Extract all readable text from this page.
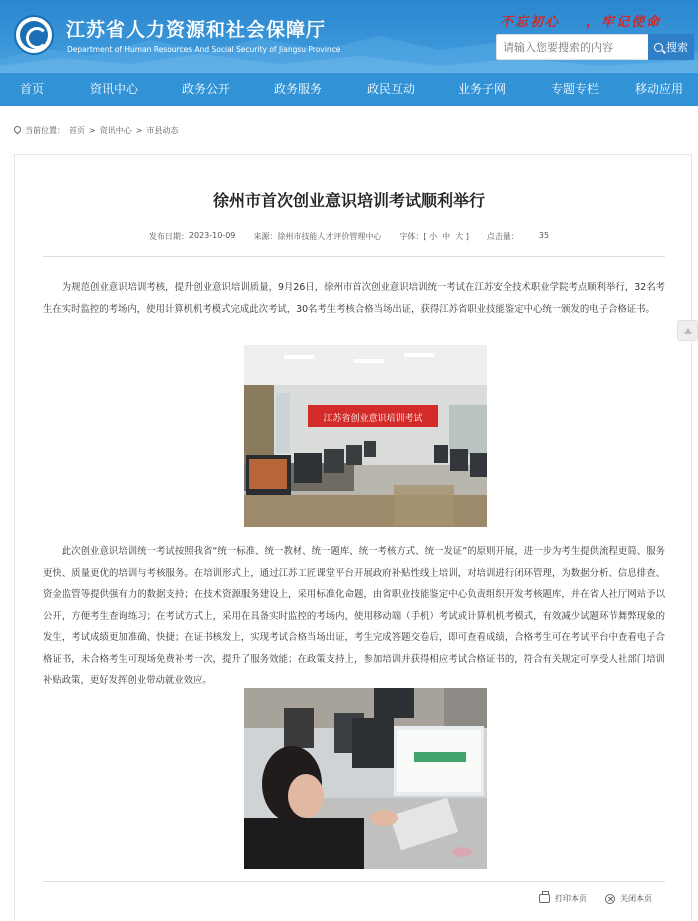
江苏省人力资源和社会保障厅
Department of Human Resources And Social Security of Jiangsu Province
不忘初心    ，牢记使命
请输入您要搜索的内容
搜索
首页	资讯中心	政务公开	政务服务	政民互动	业务子网	专题专栏	移动应用
当前位置： 首页 > 资讯中心 > 市县动态
徐州市首次创业意识培训考试顺利举行
发布日期： 2023-10-09 来源： 徐州市技能人才评价管理中心 字体： [ 小  中  大 ] 点击量：	35
为规范创业意识培训考核，提升创业意识培训质量，9月26日，徐州市首次创业意识培训统一考试在江苏安全技术职业学院考点顺利举行，32名考生在实时监控的考场内，使用计算机机考模式完成此次考试，30名考生考核合格当场出证，获得江苏省职业技能鉴定中心统一颁发的电子合格证书。
江苏省创业意识培训考试
此次创业意识培训统一考试按照我省“统一标准、统一教材、统一题库、统一考核方式、统一发证”的原则开展，进一步为考生提供流程更简、服务更快、质量更优的培训与考核服务。在培训形式上，通过江苏工匠课堂平台开展政府补贴性线上培训，对培训进行闭环管理，为数据分析、信息排查、资金监管等提供强有力的数据支持；在技术资源服务建设上，采用标准化命题，由省职业技能鉴定中心负责组织开发考核题库，并在省人社厅网站予以公开，方便考生查询练习；在考试方式上，采用在具备实时监控的考场内，使用移动端（手机）考试或计算机机考模式，有效减少试题环节舞弊现象的发生，考试成绩更加准确、快捷；在证书核发上，实现考试合格当场出证，考生完成答题交卷后，即可查看成绩，合格考生可在考试平台中查看电子合格证书，未合格考生可现场免费补考一次，提升了服务效能；在政策支持上，参加培训并获得相应考试合格证书的，符合有关规定可享受人社部门培训补贴政策，更好发挥创业带动就业效应。
打印本页	关闭本页
